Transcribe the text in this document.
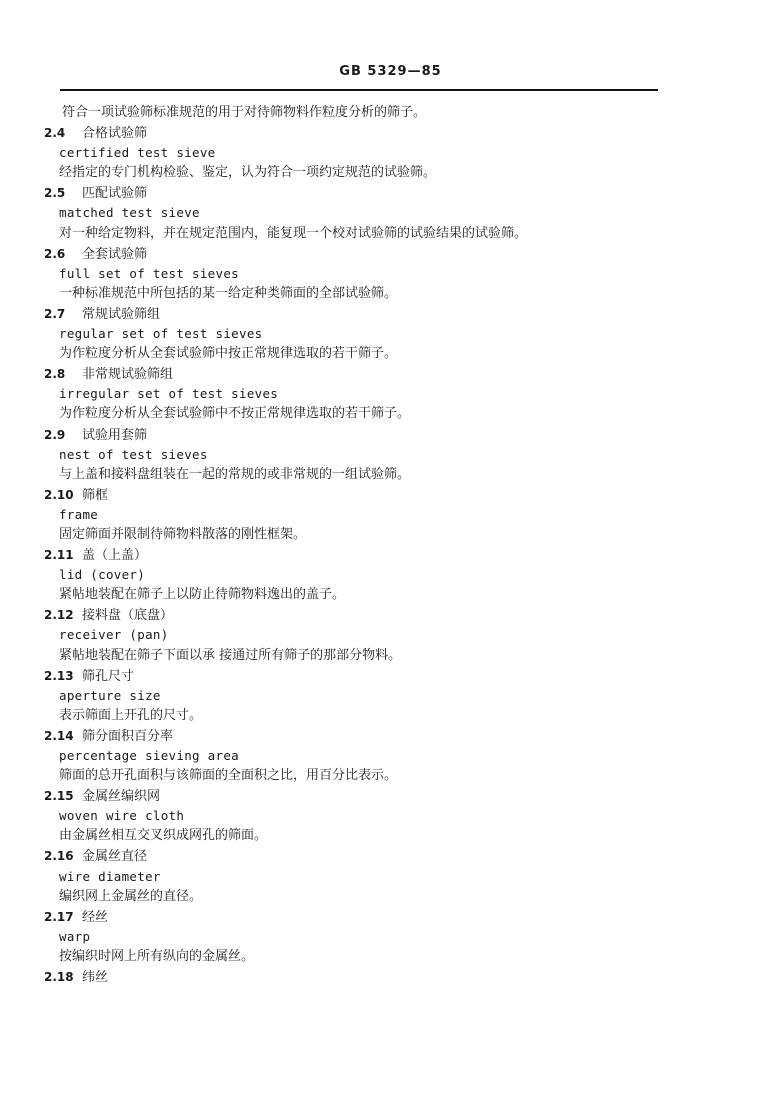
GB 5329—85
符合一项试验筛标准规范的用于对待筛物料作粒度分析的筛子。
2.4 合格试验筛
certified test sieve
经指定的专门机构检验、鉴定，认为符合一项约定规范的试验筛。
2.5 匹配试验筛
matched test sieve
对一种给定物料，并在规定范围内，能复现一个校对试验筛的试验结果的试验筛。
2.6 全套试验筛
full set of test sieves
一种标准规范中所包括的某一给定种类筛面的全部试验筛。
2.7 常规试验筛组
regular set of test sieves
为作粒度分析从全套试验筛中按正常规律选取的若干筛子。
2.8 非常规试验筛组
irregular set of test sieves
为作粒度分析从全套试验筛中不按正常规律选取的若干筛子。
2.9 试验用套筛
nest of test sieves
与上盖和接料盘组装在一起的常规的或非常规的一组试验筛。
2.10 筛框
frame
固定筛面并限制待筛物料散落的刚性框架。
2.11 盖（上盖）
lid (cover)
紧帖地装配在筛子上以防止待筛物料逸出的盖子。
2.12 接料盘（底盘）
receiver (pan)
紧帖地装配在筛子下面以承 接通过所有筛子的那部分物料。
2.13 筛孔尺寸
aperture size
表示筛面上开孔的尺寸。
2.14 筛分面积百分率
percentage sieving area
筛面的总开孔面积与该筛面的全面积之比，用百分比表示。
2.15 金属丝编织网
woven wire cloth
由金属丝相互交叉织成网孔的筛面。
2.16 金属丝直径
wire diameter
编织网上金属丝的直径。
2.17 经丝
warp
按编织时网上所有纵向的金属丝。
2.18 纬丝
